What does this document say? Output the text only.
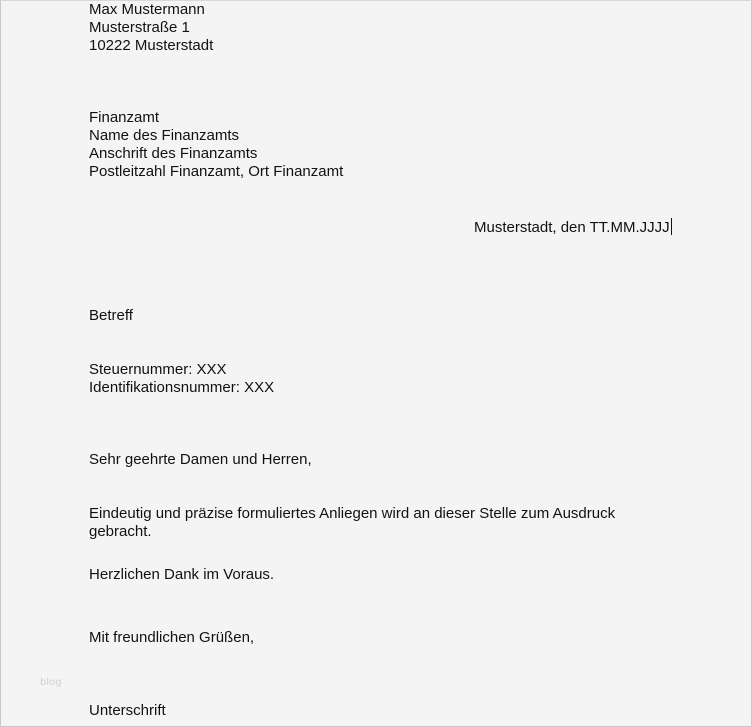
Max Mustermann
Musterstraße 1
10222 Musterstadt
Finanzamt
Name des Finanzamts
Anschrift des Finanzamts
Postleitzahl Finanzamt, Ort Finanzamt
Musterstadt, den TT.MM.JJJJ
Betreff
Steuernummer: XXX
Identifikationsnummer: XXX
Sehr geehrte Damen und Herren,
Eindeutig und präzise formuliertes Anliegen wird an dieser Stelle zum Ausdruck
gebracht.
Herzlichen Dank im Voraus.
Mit freundlichen Grüßen,
blog
Unterschrift
